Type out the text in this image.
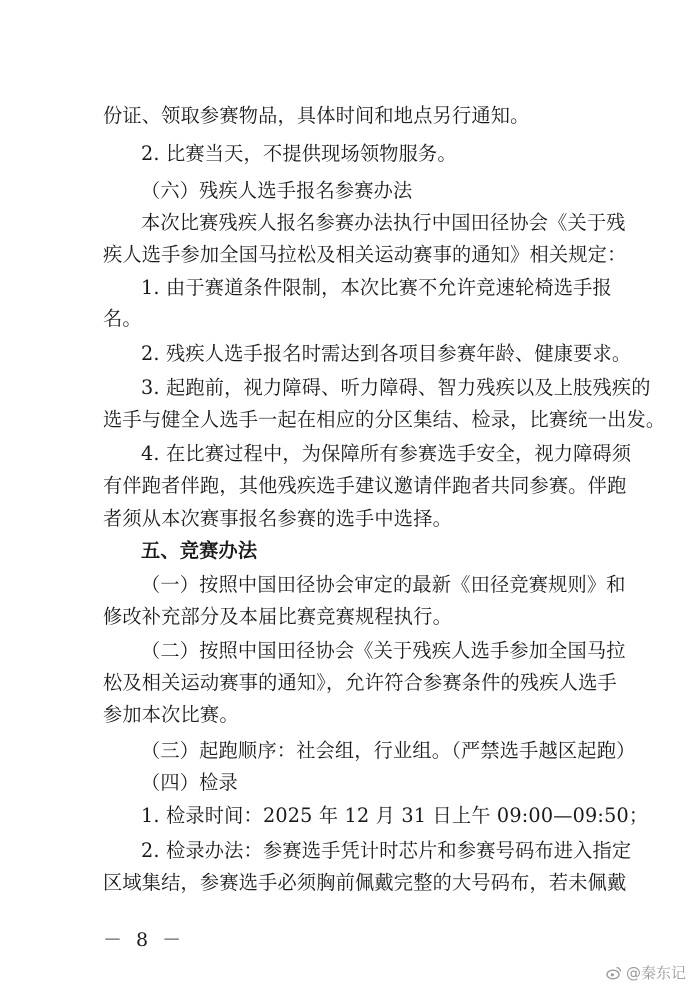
份证、领取参赛物品，具体时间和地点另行通知。
2. 比赛当天，不提供现场领物服务。
（六）残疾人选手报名参赛办法
本次比赛残疾人报名参赛办法执行中国田径协会《关于残
疾人选手参加全国马拉松及相关运动赛事的通知》相关规定：
1. 由于赛道条件限制，本次比赛不允许竞速轮椅选手报
名。
2. 残疾人选手报名时需达到各项目参赛年龄、健康要求。
3. 起跑前，视力障碍、听力障碍、智力残疾以及上肢残疾的
选手与健全人选手一起在相应的分区集结、检录，比赛统一出发。
4. 在比赛过程中，为保障所有参赛选手安全，视力障碍须
有伴跑者伴跑，其他残疾选手建议邀请伴跑者共同参赛。伴跑
者须从本次赛事报名参赛的选手中选择。
五、竞赛办法
（一）按照中国田径协会审定的最新《田径竞赛规则》和
修改补充部分及本届比赛竞赛规程执行。
（二）按照中国田径协会《关于残疾人选手参加全国马拉
松及相关运动赛事的通知》，允许符合参赛条件的残疾人选手
参加本次比赛。
（三）起跑顺序：社会组，行业组。（严禁选手越区起跑）
（四）检录
1. 检录时间：2025 年 12 月 31 日上午 09:00—09:50；
2. 检录办法：参赛选手凭计时芯片和参赛号码布进入指定
区域集结，参赛选手必须胸前佩戴完整的大号码布，若未佩戴
－ 8 －
@秦东记
